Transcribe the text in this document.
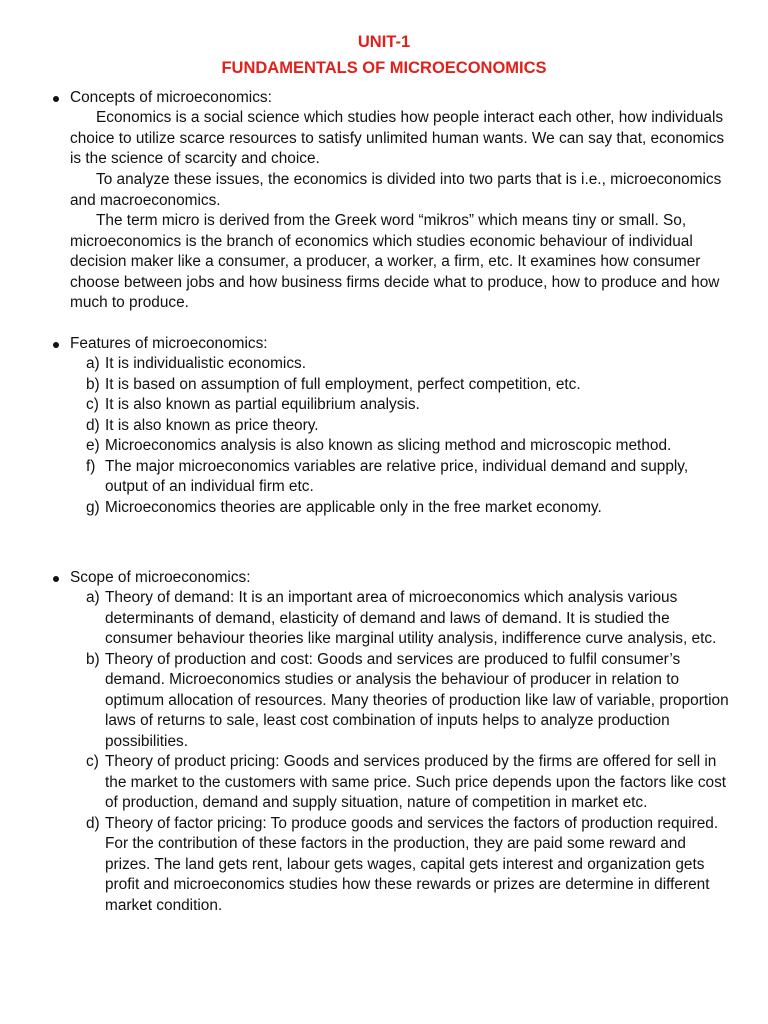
UNIT-1
FUNDAMENTALS OF MICROECONOMICS
Concepts of microeconomics:

Economics is a social science which studies how people interact each other, how individuals choice to utilize scarce resources to satisfy unlimited human wants. We can say that, economics is the science of scarcity and choice.

To analyze these issues, the economics is divided into two parts that is i.e., microeconomics and macroeconomics.

The term micro is derived from the Greek word “mikros” which means tiny or small. So, microeconomics is the branch of economics which studies economic behaviour of individual decision maker like a consumer, a producer, a worker, a firm, etc. It examines how consumer choose between jobs and how business firms decide what to produce, how to produce and how much to produce.

Features of microeconomics:
a) It is individualistic economics.
b) It is based on assumption of full employment, perfect competition, etc.
c) It is also known as partial equilibrium analysis.
d) It is also known as price theory.
e) Microeconomics analysis is also known as slicing method and microscopic method.
f) The major microeconomics variables are relative price, individual demand and supply, output of an individual firm etc.
g) Microeconomics theories are applicable only in the free market economy.
Scope of microeconomics:
a) Theory of demand: It is an important area of microeconomics which analysis various determinants of demand, elasticity of demand and laws of demand. It is studied the consumer behaviour theories like marginal utility analysis, indifference curve analysis, etc.
b) Theory of production and cost: Goods and services are produced to fulfil consumer’s demand. Microeconomics studies or analysis the behaviour of producer in relation to optimum allocation of resources. Many theories of production like law of variable, proportion laws of returns to sale, least cost combination of inputs helps to analyze production possibilities.
c) Theory of product pricing: Goods and services produced by the firms are offered for sell in the market to the customers with same price. Such price depends upon the factors like cost of production, demand and supply situation, nature of competition in market etc.
d) Theory of factor pricing: To produce goods and services the factors of production required. For the contribution of these factors in the production, they are paid some reward and prizes. The land gets rent, labour gets wages, capital gets interest and organization gets profit and microeconomics studies how these rewards or prizes are determine in different market condition.
